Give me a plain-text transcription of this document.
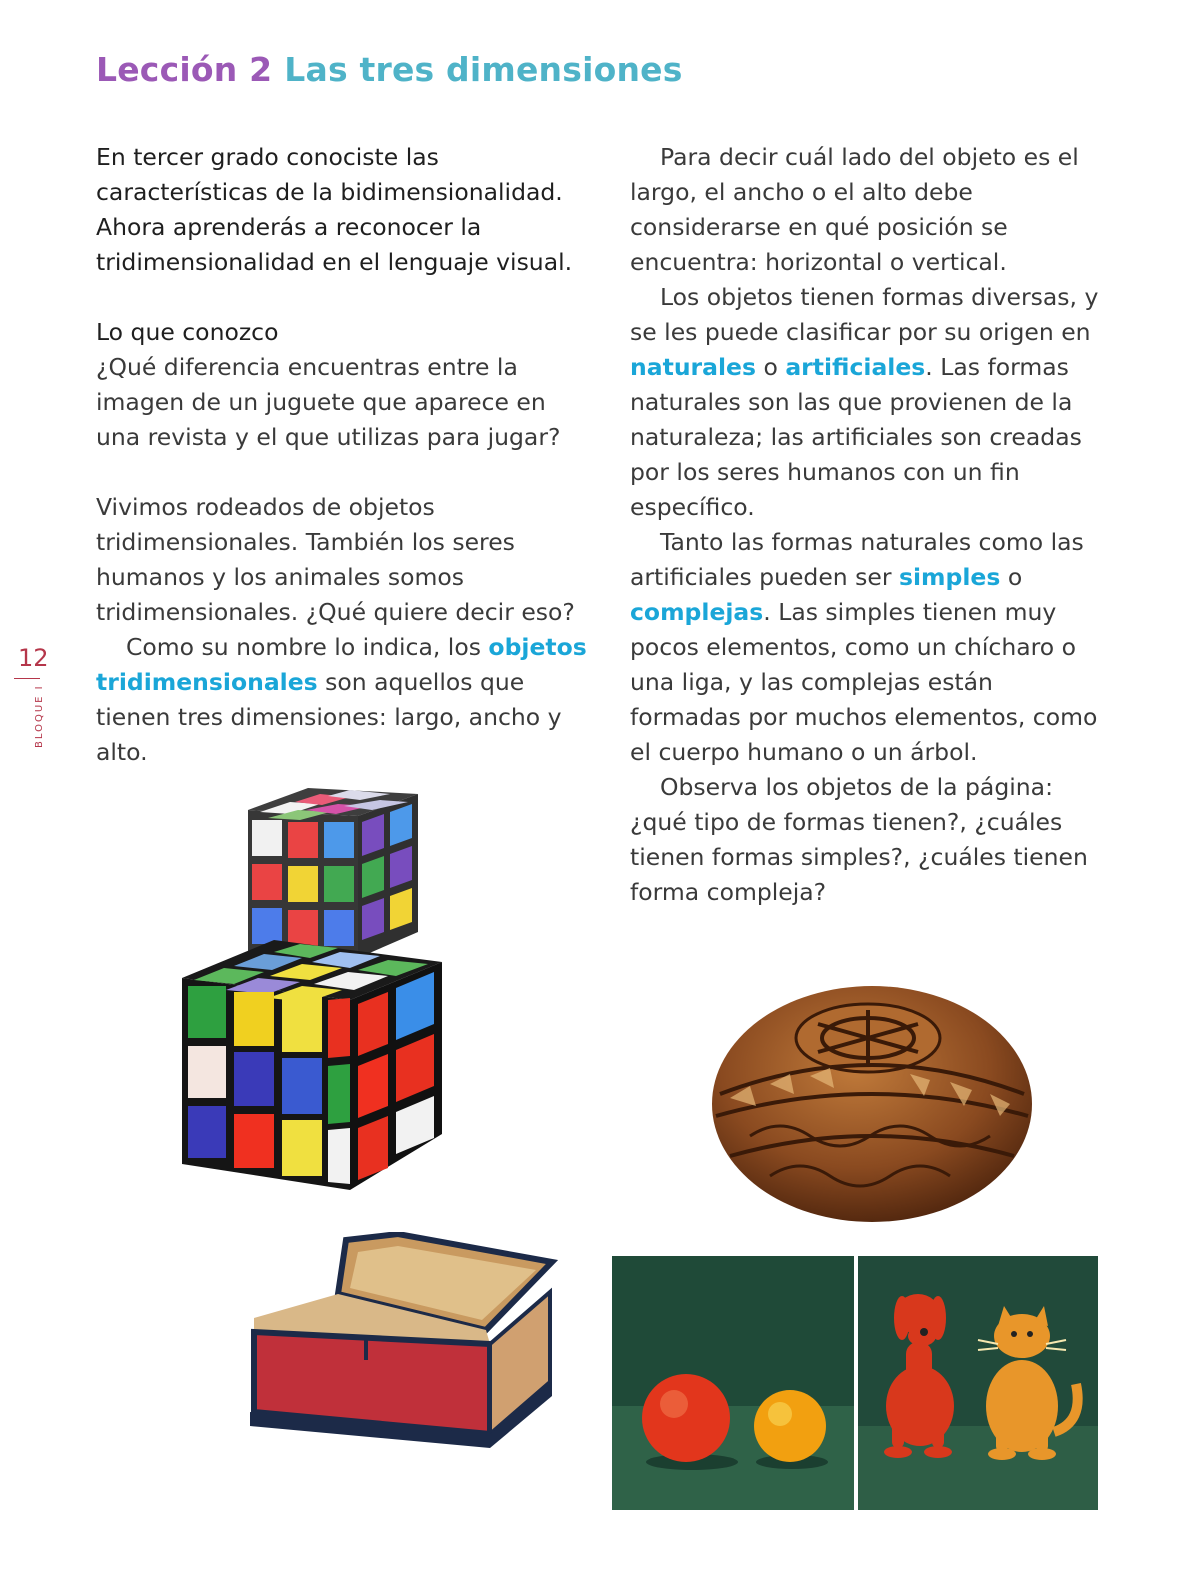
Lección 2 Las tres dimensiones
12
BLOQUE I

En tercer grado conociste las características de la bidimensionalidad. Ahora aprenderás a reconocer la tridimensionalidad en el lenguaje visual.

Lo que conozco

¿Qué diferencia encuentras entre la imagen de un juguete que aparece en una revista y el que utilizas para jugar?

Vivimos rodeados de objetos tridimensionales. También los seres humanos y los animales somos tridimensionales. ¿Qué quiere decir eso?

Como su nombre lo indica, los objetos tridimensionales son aquellos que tienen tres dimensiones: largo, ancho y alto.

Para decir cuál lado del objeto es el largo, el ancho o el alto debe considerarse en qué posición se encuentra: horizontal o vertical.

Los objetos tienen formas diversas, y se les puede clasificar por su origen en naturales o artificiales. Las formas naturales son las que provienen de la naturaleza; las artificiales son creadas por los seres humanos con un fin específico.

Tanto las formas naturales como las artificiales pueden ser simples o complejas. Las simples tienen muy pocos elementos, como un chícharo o una liga, y las complejas están formadas por muchos elementos, como el cuerpo humano o un árbol.

Observa los objetos de la página: ¿qué tipo de formas tienen?, ¿cuáles tienen formas simples?, ¿cuáles tienen forma compleja?
